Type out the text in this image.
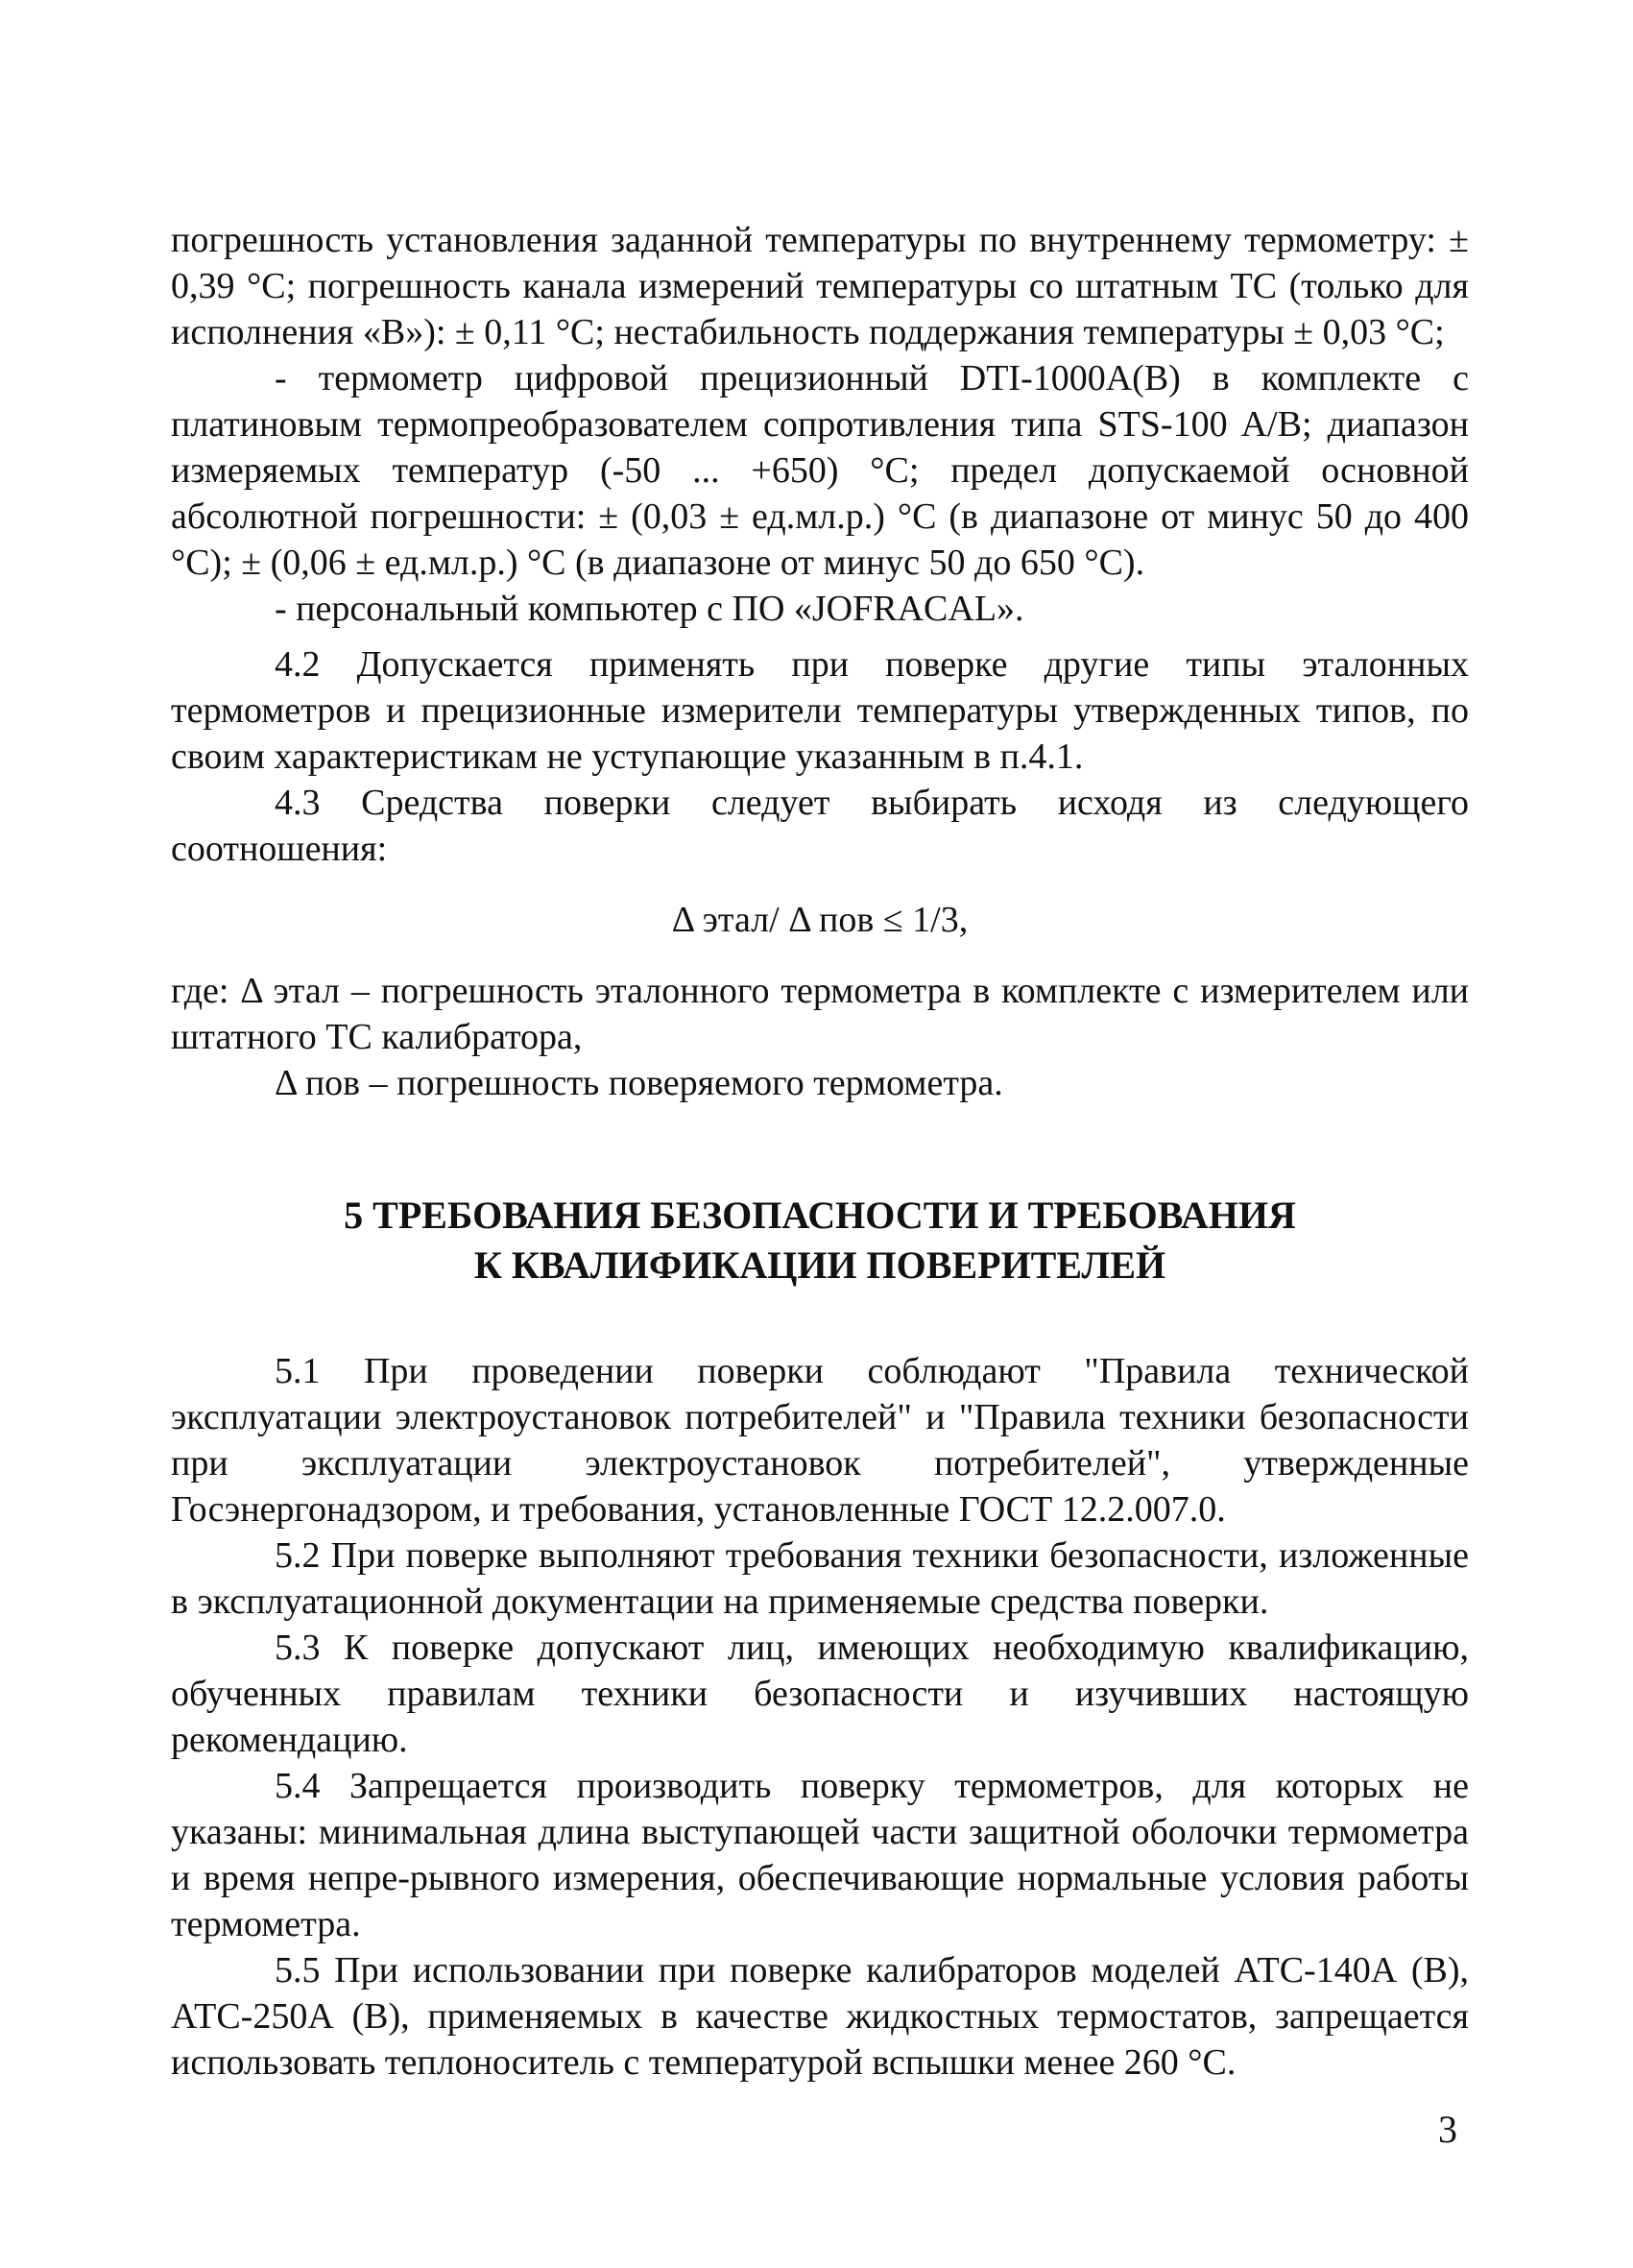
погрешность установления заданной температуры по внутреннему термометру: ± 0,39 °С; погрешность канала измерений температуры со штатным ТС (только для исполнения «В»): ± 0,11 °С; нестабильность поддержания температуры ± 0,03 °С;

- термометр цифровой прецизионный DTI-1000A(B) в комплекте с платиновым термопреобразователем сопротивления типа STS-100 A/B; диапазон измеряемых температур (-50 ... +650) °С; предел допускаемой основной абсолютной погрешности: ± (0,03 ± ед.мл.р.) °С (в диапазоне от минус 50 до 400 °С); ± (0,06 ± ед.мл.р.) °С (в диапазоне от минус 50 до 650 °С).

- персональный компьютер с ПО «JOFRACAL».

4.2 Допускается применять при поверке другие типы эталонных термометров и прецизионные измерители температуры утвержденных типов, по своим характеристикам не уступающие указанным в п.4.1.

4.3 Средства поверки следует выбирать исходя из следующего соотношения:

Δ этал/ Δ пов ≤ 1/3,

где: Δ этал – погрешность эталонного термометра в комплекте с измерителем или штатного ТС калибратора,

Δ пов – погрешность поверяемого термометра.

5 ТРЕБОВАНИЯ БЕЗОПАСНОСТИ И ТРЕБОВАНИЯ
К КВАЛИФИКАЦИИ ПОВЕРИТЕЛЕЙ

5.1 При проведении поверки соблюдают "Правила технической эксплуатации электроустановок потребителей" и "Правила техники безопасности при эксплуатации электроустановок потребителей", утвержденные Госэнергонадзором, и требования, установленные ГОСТ 12.2.007.0.

5.2 При поверке выполняют требования техники безопасности, изложенные в эксплуатационной документации на применяемые средства поверки.

5.3 К поверке допускают лиц, имеющих необходимую квалификацию, обученных правилам техники безопасности и изучивших настоящую рекомендацию.

5.4 Запрещается производить поверку термометров, для которых не указаны: минимальная длина выступающей части защитной оболочки термометра и время непре-рывного измерения, обеспечивающие нормальные условия работы термометра.

5.5 При использовании при поверке калибраторов моделей АТС-140А (В), АТС-250А (В), применяемых в качестве жидкостных термостатов, запрещается использовать теплоноситель с температурой вспышки менее 260 °С.

3
